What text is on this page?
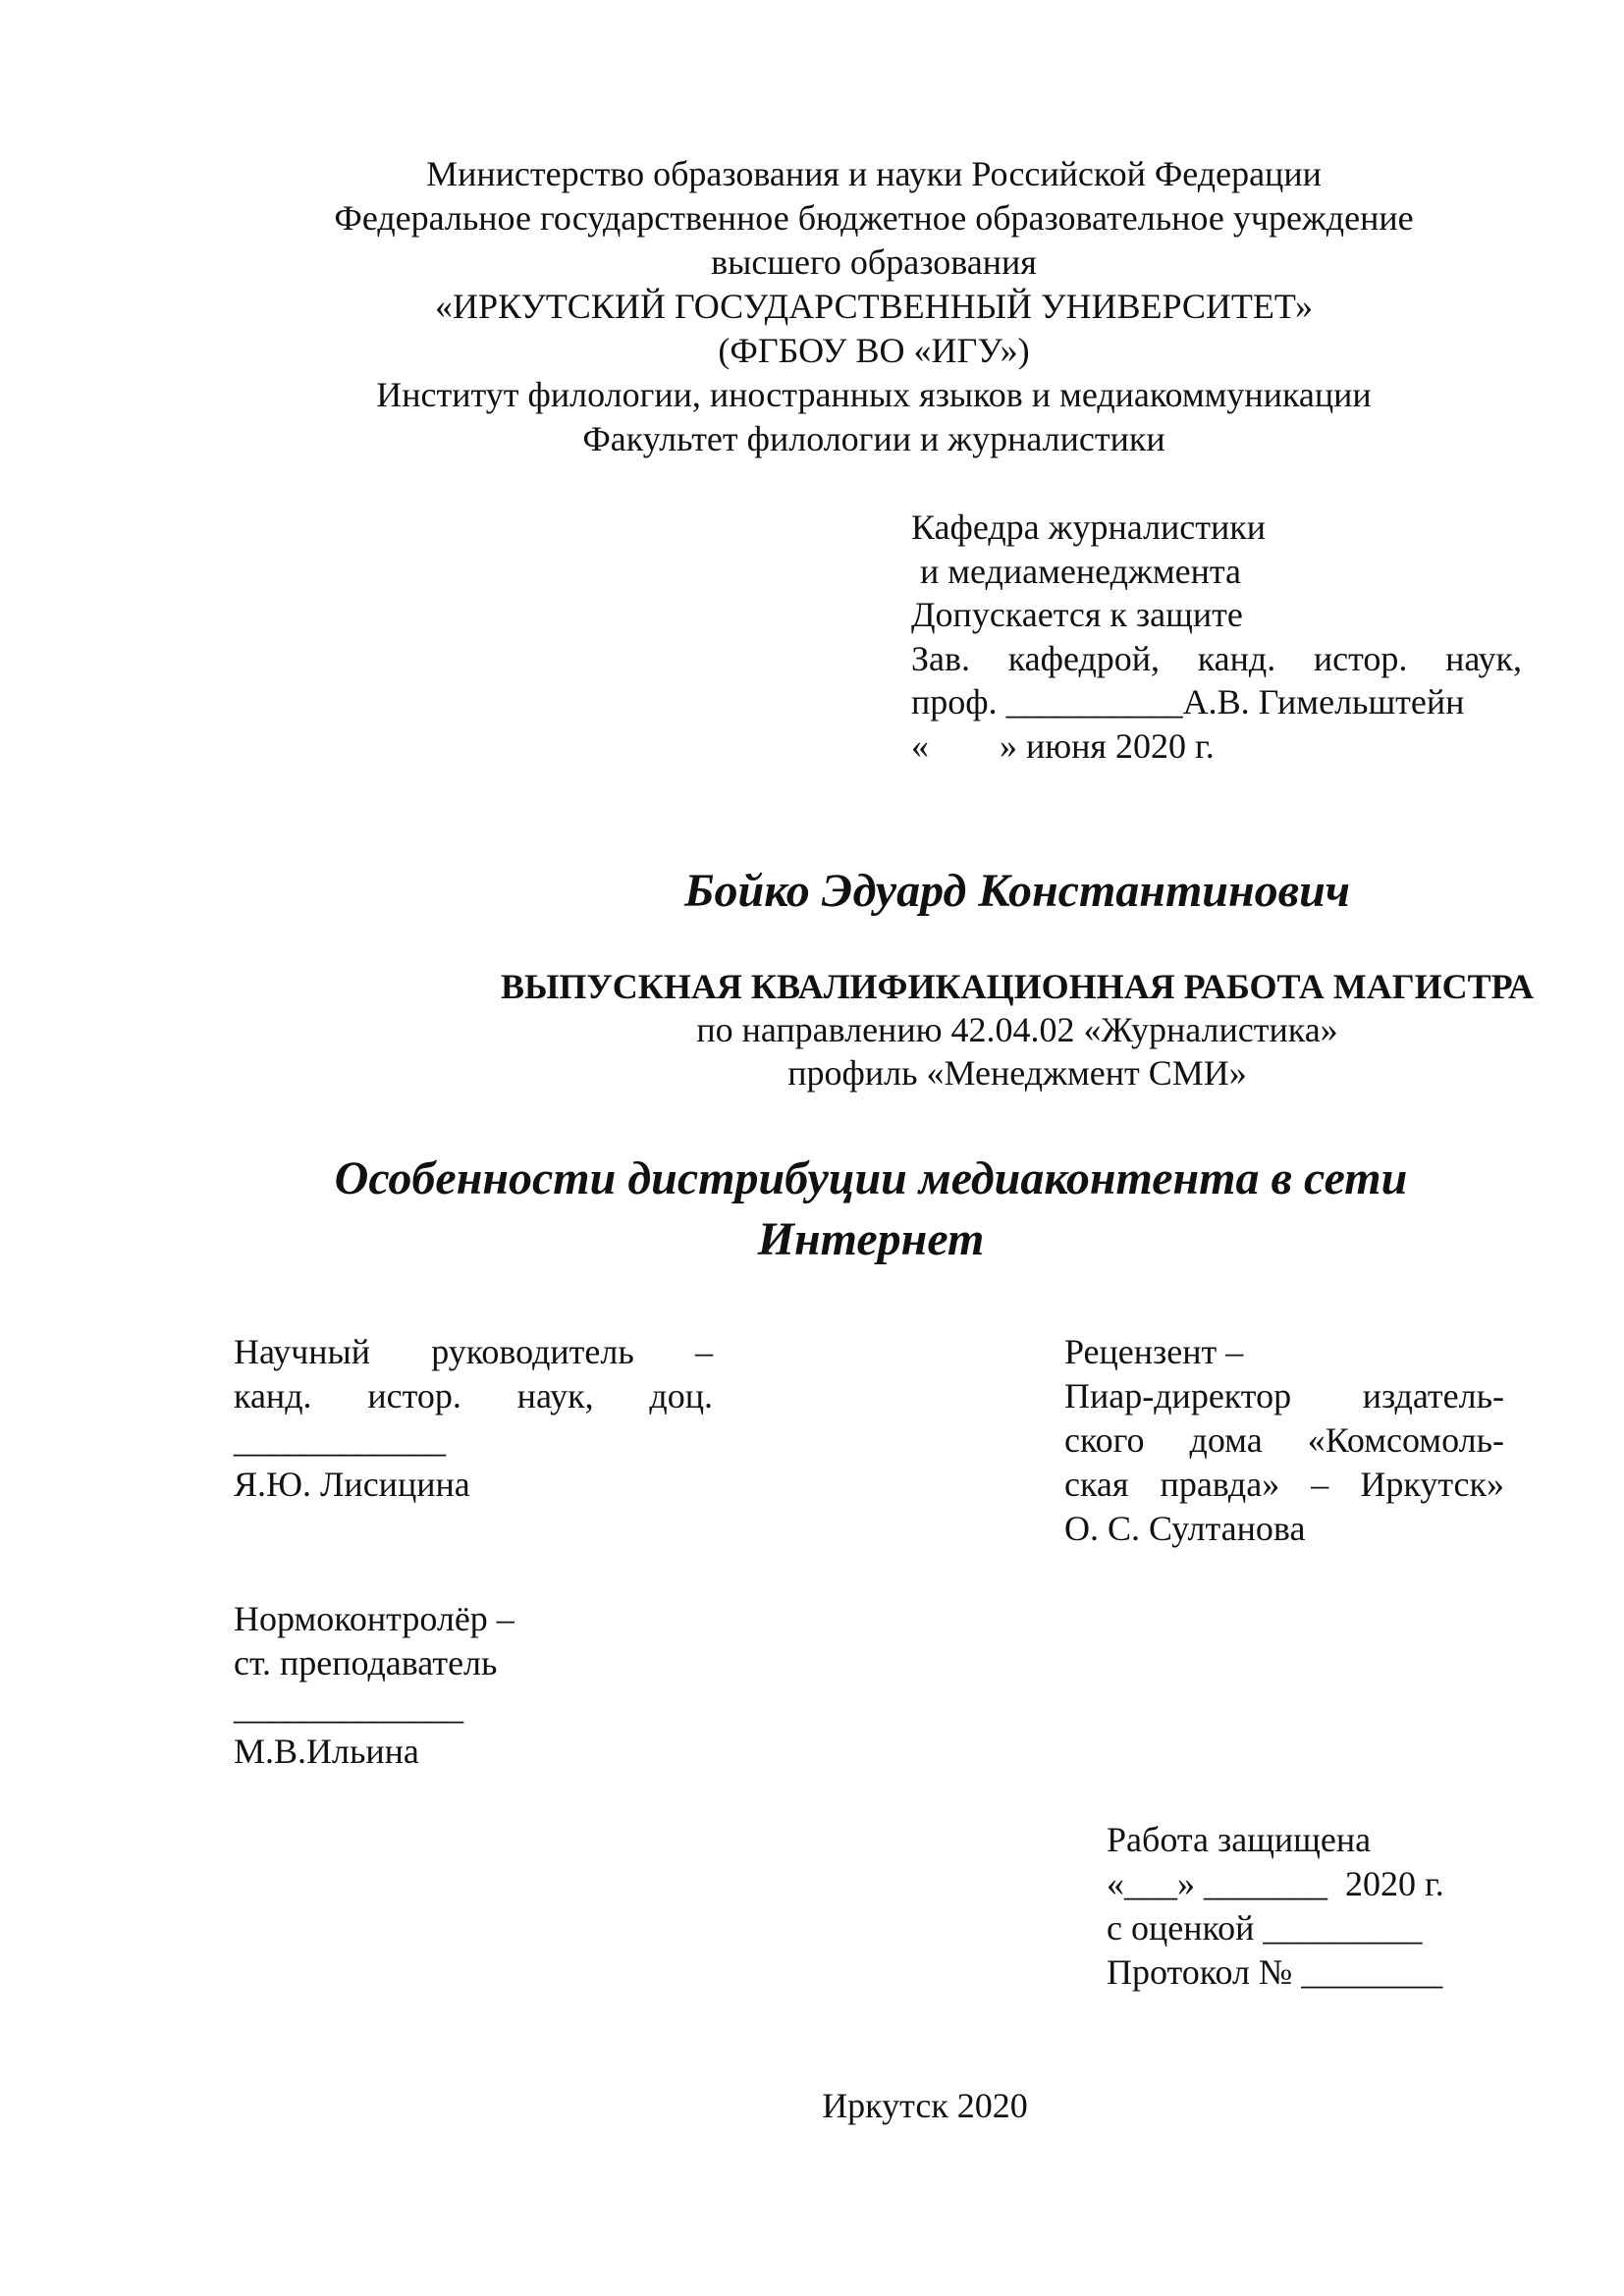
Министерство образования и науки Российской Федерации
Федеральное государственное бюджетное образовательное учреждение
высшего образования
«ИРКУТСКИЙ ГОСУДАРСТВЕННЫЙ УНИВЕРСИТЕТ»
(ФГБОУ ВО «ИГУ»)
Институт филологии, иностранных языков и медиакоммуникации
Факультет филологии и журналистики
Кафедра журналистики
и медиаменеджмента
Допускается к защите
Зав. кафедрой, канд. истор. наук,
проф. __________А.В. Гимельштейн
«        » июня 2020 г.
Бойко Эдуард Константинович
ВЫПУСКНАЯ КВАЛИФИКАЦИОННАЯ РАБОТА МАГИСТРА
по направлению 42.04.02 «Журналистика»
профиль «Менеджмент СМИ»
Особенности дистрибуции медиаконтента в сети Интернет
Научный руководитель –
канд. истор. наук, доц.
____________
Я.Ю. Лисицина
Рецензент –
Пиар-директор издатель-
ского дома «Комсомоль-
ская правда» – Иркутск»
О. С. Султанова
Нормоконтролёр –
ст. преподаватель
_____________
М.В.Ильина
Работа защищена
«___» _______  2020 г.
с оценкой _________
Протокол № ________
Иркутск 2020
